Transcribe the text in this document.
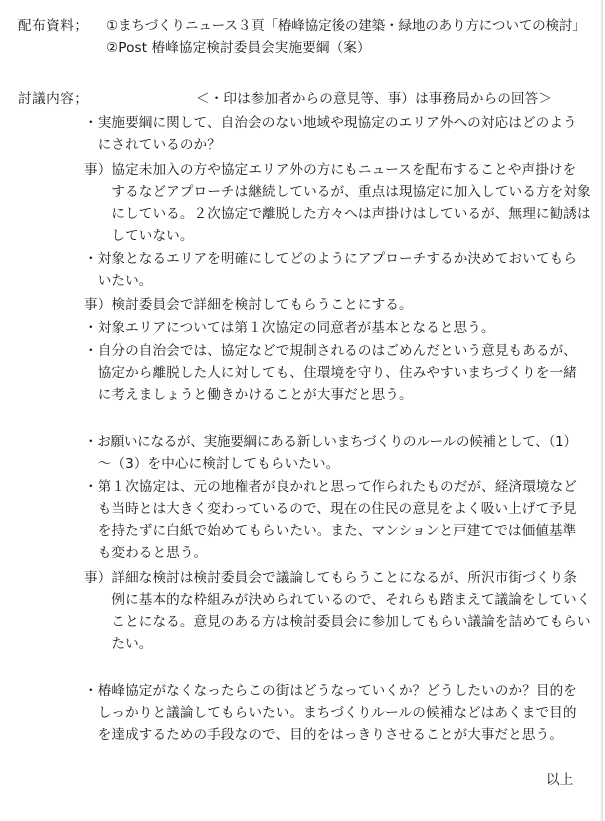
配布資料； ①まちづくりニュース３頁「椿峰協定後の建築・緑地のあり方についての検討」
②Post 椿峰協定検討委員会実施要綱（案）
討議内容；	＜・印は参加者からの意見等、事）は事務局からの回答＞
・実施要綱に関して、自治会のない地域や現協定のエリア外への対応はどのよう
　にされているのか？
事）協定未加入の方や協定エリア外の方にもニュースを配布することや声掛けを
　　するなどアプローチは継続しているが、重点は現協定に加入している方を対象
　　にしている。２次協定で離脱した方々へは声掛けはしているが、無理に勧誘は
　　していない。
・対象となるエリアを明確にしてどのようにアプローチするか決めておいてもら
　いたい。
事）検討委員会で詳細を検討してもらうことにする。
・対象エリアについては第１次協定の同意者が基本となると思う。
・自分の自治会では、協定などで規制されるのはごめんだという意見もあるが、
　協定から離脱した人に対しても、住環境を守り、住みやすいまちづくりを一緒
　に考えましょうと働きかけることが大事だと思う。
・お願いになるが、実施要綱にある新しいまちづくりのルールの候補として、（1）
　～（3）を中心に検討してもらいたい。
・第１次協定は、元の地権者が良かれと思って作られたものだが、経済環境など
　も当時とは大きく変わっているので、現在の住民の意見をよく吸い上げて予見
　を持たずに白紙で始めてもらいたい。また、マンションと戸建てでは価値基準
　も変わると思う。
事）詳細な検討は検討委員会で議論してもらうことになるが、所沢市街づくり条
　　例に基本的な枠組みが決められているので、それらも踏まえて議論をしていく
　　ことになる。意見のある方は検討委員会に参加してもらい議論を詰めてもらい
　　たい。
・椿峰協定がなくなったらこの街はどうなっていくか？どうしたいのか？目的を
　しっかりと議論してもらいたい。まちづくりルールの候補などはあくまで目的
　を達成するための手段なので、目的をはっきりさせることが大事だと思う。
以上
